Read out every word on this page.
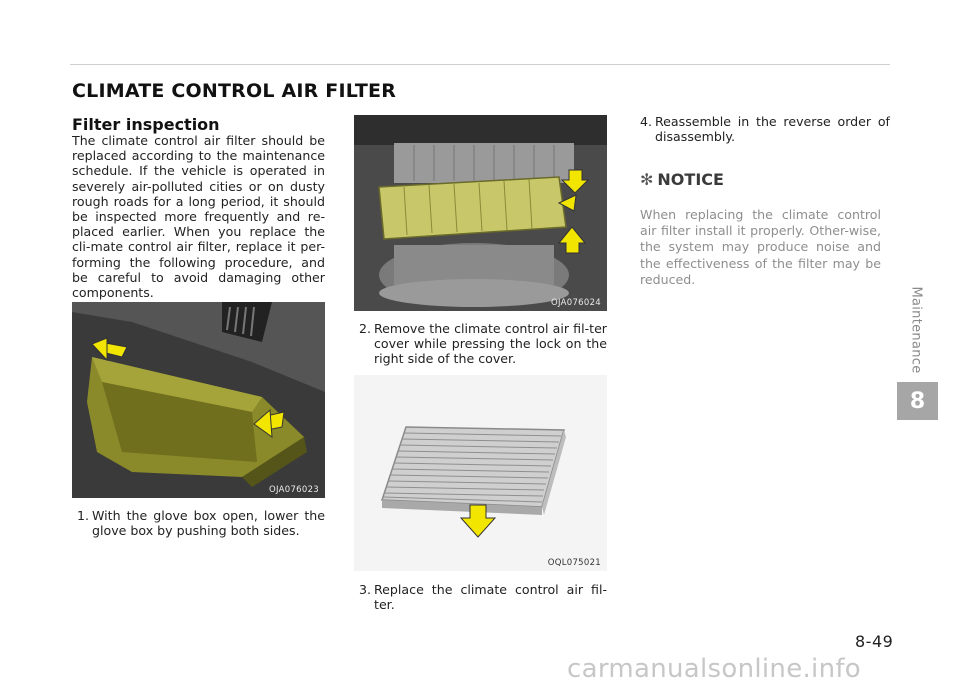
CLIMATE CONTROL AIR FILTER
Filter inspection

The climate control air filter should be replaced according to the maintenance schedule. If the vehicle is operated in severely air-polluted cities or on dusty rough roads for a long period, it should be inspected more frequently and re-placed earlier. When you replace the cli-mate control air filter, replace it per-forming the following procedure, and be careful to avoid damaging other components.

OJA076023
1. With the glove box open, lower the glove box by pushing both sides.
OJA076024
2. Remove the climate control air fil-ter cover while pressing the lock on the right side of the cover.
OQL075021
3. Replace the climate control air fil-ter.
4. Reassemble in the reverse order of disassembly.
✻ NOTICE

When replacing the climate control air filter install it properly. Other-wise, the system may produce noise and the effectiveness of the filter may be reduced.

Maintenance
8
8-49
carmanualsonline.info
